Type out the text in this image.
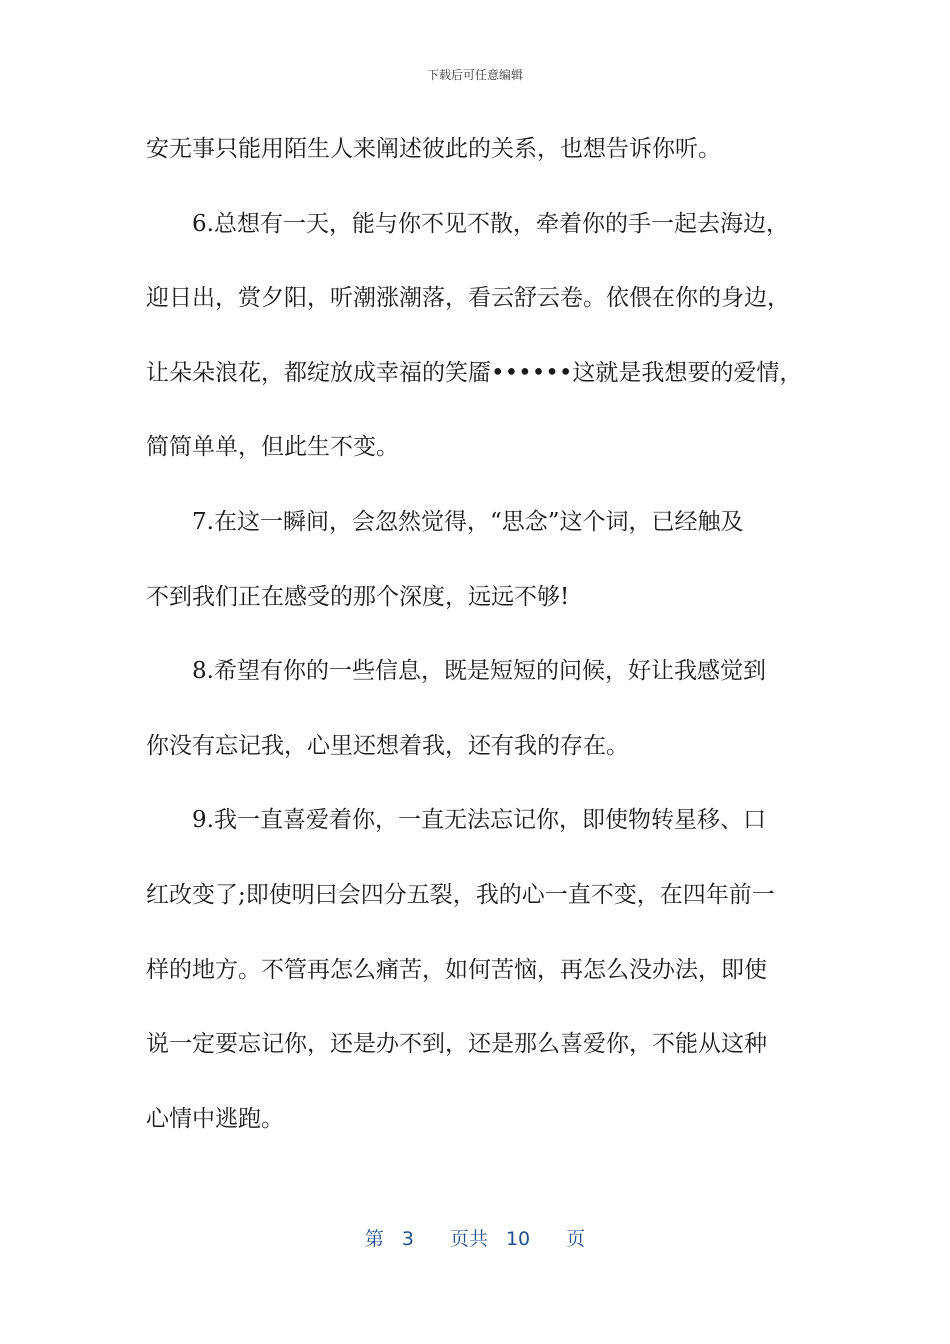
下载后可任意编辑
安无事只能用陌生人来阐述彼此的关系，也想告诉你听。
6.总想有一天，能与你不见不散，牵着你的手一起去海边，
迎日出，赏夕阳，听潮涨潮落，看云舒云卷。依偎在你的身边，
让朵朵浪花，都绽放成幸福的笑靥••••••这就是我想要的爱情，
简简单单，但此生不变。
7.在这一瞬间，会忽然觉得，“思念”这个词，已经触及
不到我们正在感受的那个深度，远远不够!
8.希望有你的一些信息，既是短短的问候，好让我感觉到
你没有忘记我，心里还想着我，还有我的存在。
9.我一直喜爱着你，一直无法忘记你，即使物转星移、口
红改变了;即使明曰会四分五裂，我的心一直不变，在四年前一
样的地方。不管再怎么痛苦，如何苦恼，再怎么没办法，即使
说一定要忘记你，还是办不到，还是那么喜爱你，不能从这种
心情中逃跑。
第 3 页共 10 页
